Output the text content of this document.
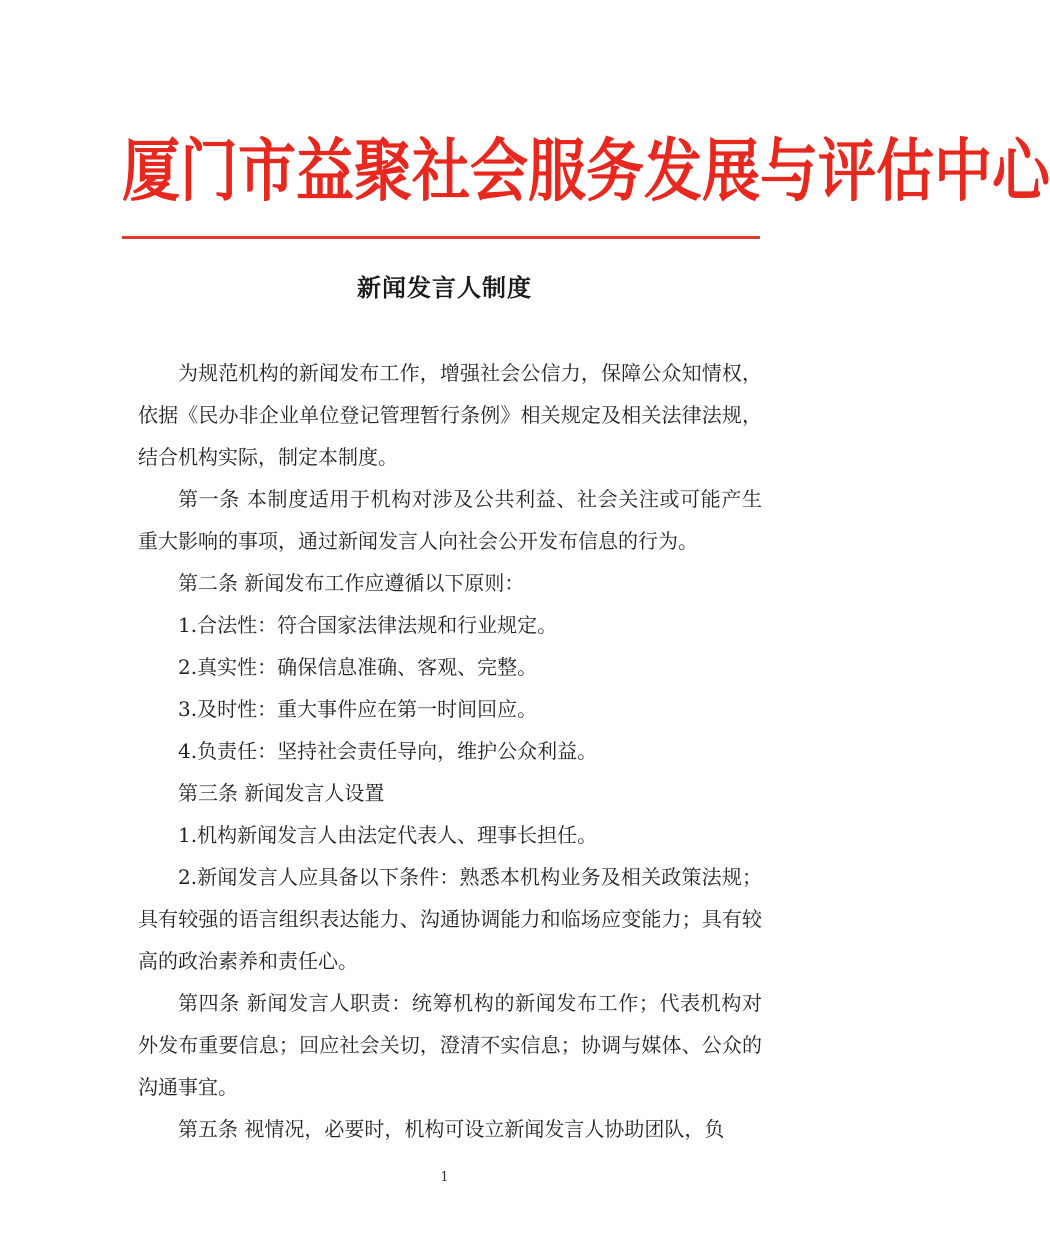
厦门市益聚社会服务发展与评估中心
新闻发言人制度

为规范机构的新闻发布工作，增强社会公信力，保障公众知情权，依据《民办非企业单位登记管理暂行条例》相关规定及相关法律法规，结合机构实际，制定本制度。

第一条 本制度适用于机构对涉及公共利益、社会关注或可能产生重大影响的事项，通过新闻发言人向社会公开发布信息的行为。

第二条 新闻发布工作应遵循以下原则：

1.合法性：符合国家法律法规和行业规定。

2.真实性：确保信息准确、客观、完整。

3.及时性：重大事件应在第一时间回应。

4.负责任：坚持社会责任导向，维护公众利益。

第三条 新闻发言人设置

1.机构新闻发言人由法定代表人、理事长担任。

2.新闻发言人应具备以下条件：熟悉本机构业务及相关政策法规；具有较强的语言组织表达能力、沟通协调能力和临场应变能力；具有较高的政治素养和责任心。

第四条 新闻发言人职责：统筹机构的新闻发布工作；代表机构对外发布重要信息；回应社会关切，澄清不实信息；协调与媒体、公众的沟通事宜。

第五条 视情况，必要时，机构可设立新闻发言人协助团队，负

1
